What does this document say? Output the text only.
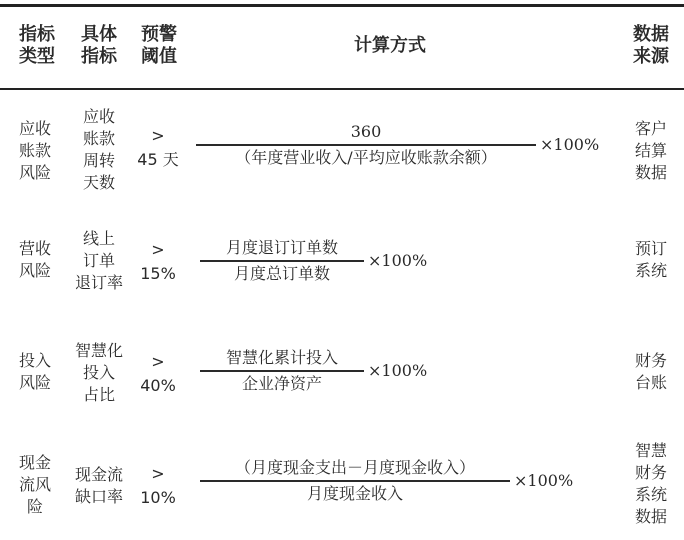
指标
类型
具体
指标
预警
阈值
计算方式
数据
来源
应收
账款
风险
应收
账款
周转
天数
>
45 天 $\frac{360}{\text{（年度营业收入/平均应收账款余额）}} \times 100\%$
客户
结算
数据
营收
风险
线上
订单
退订率
>
$15\% \frac{\text{月度退订订单数}}{\text{月度总订单数}} \times 100\%$
预订
系统
投入
风险
智慧化
投入
占比
>
$40\% \frac{\text{智慧化累计投入}}{\text{企业净资产}} \times 100\%$
财务
台账
现金
流风
险
现金流
缺口率
>
$10\% \frac{\text{（月度现金支出－月度现金收入）}}{\text{月度现金收入}} \times 100\%$
智慧
财务
系统
数据
